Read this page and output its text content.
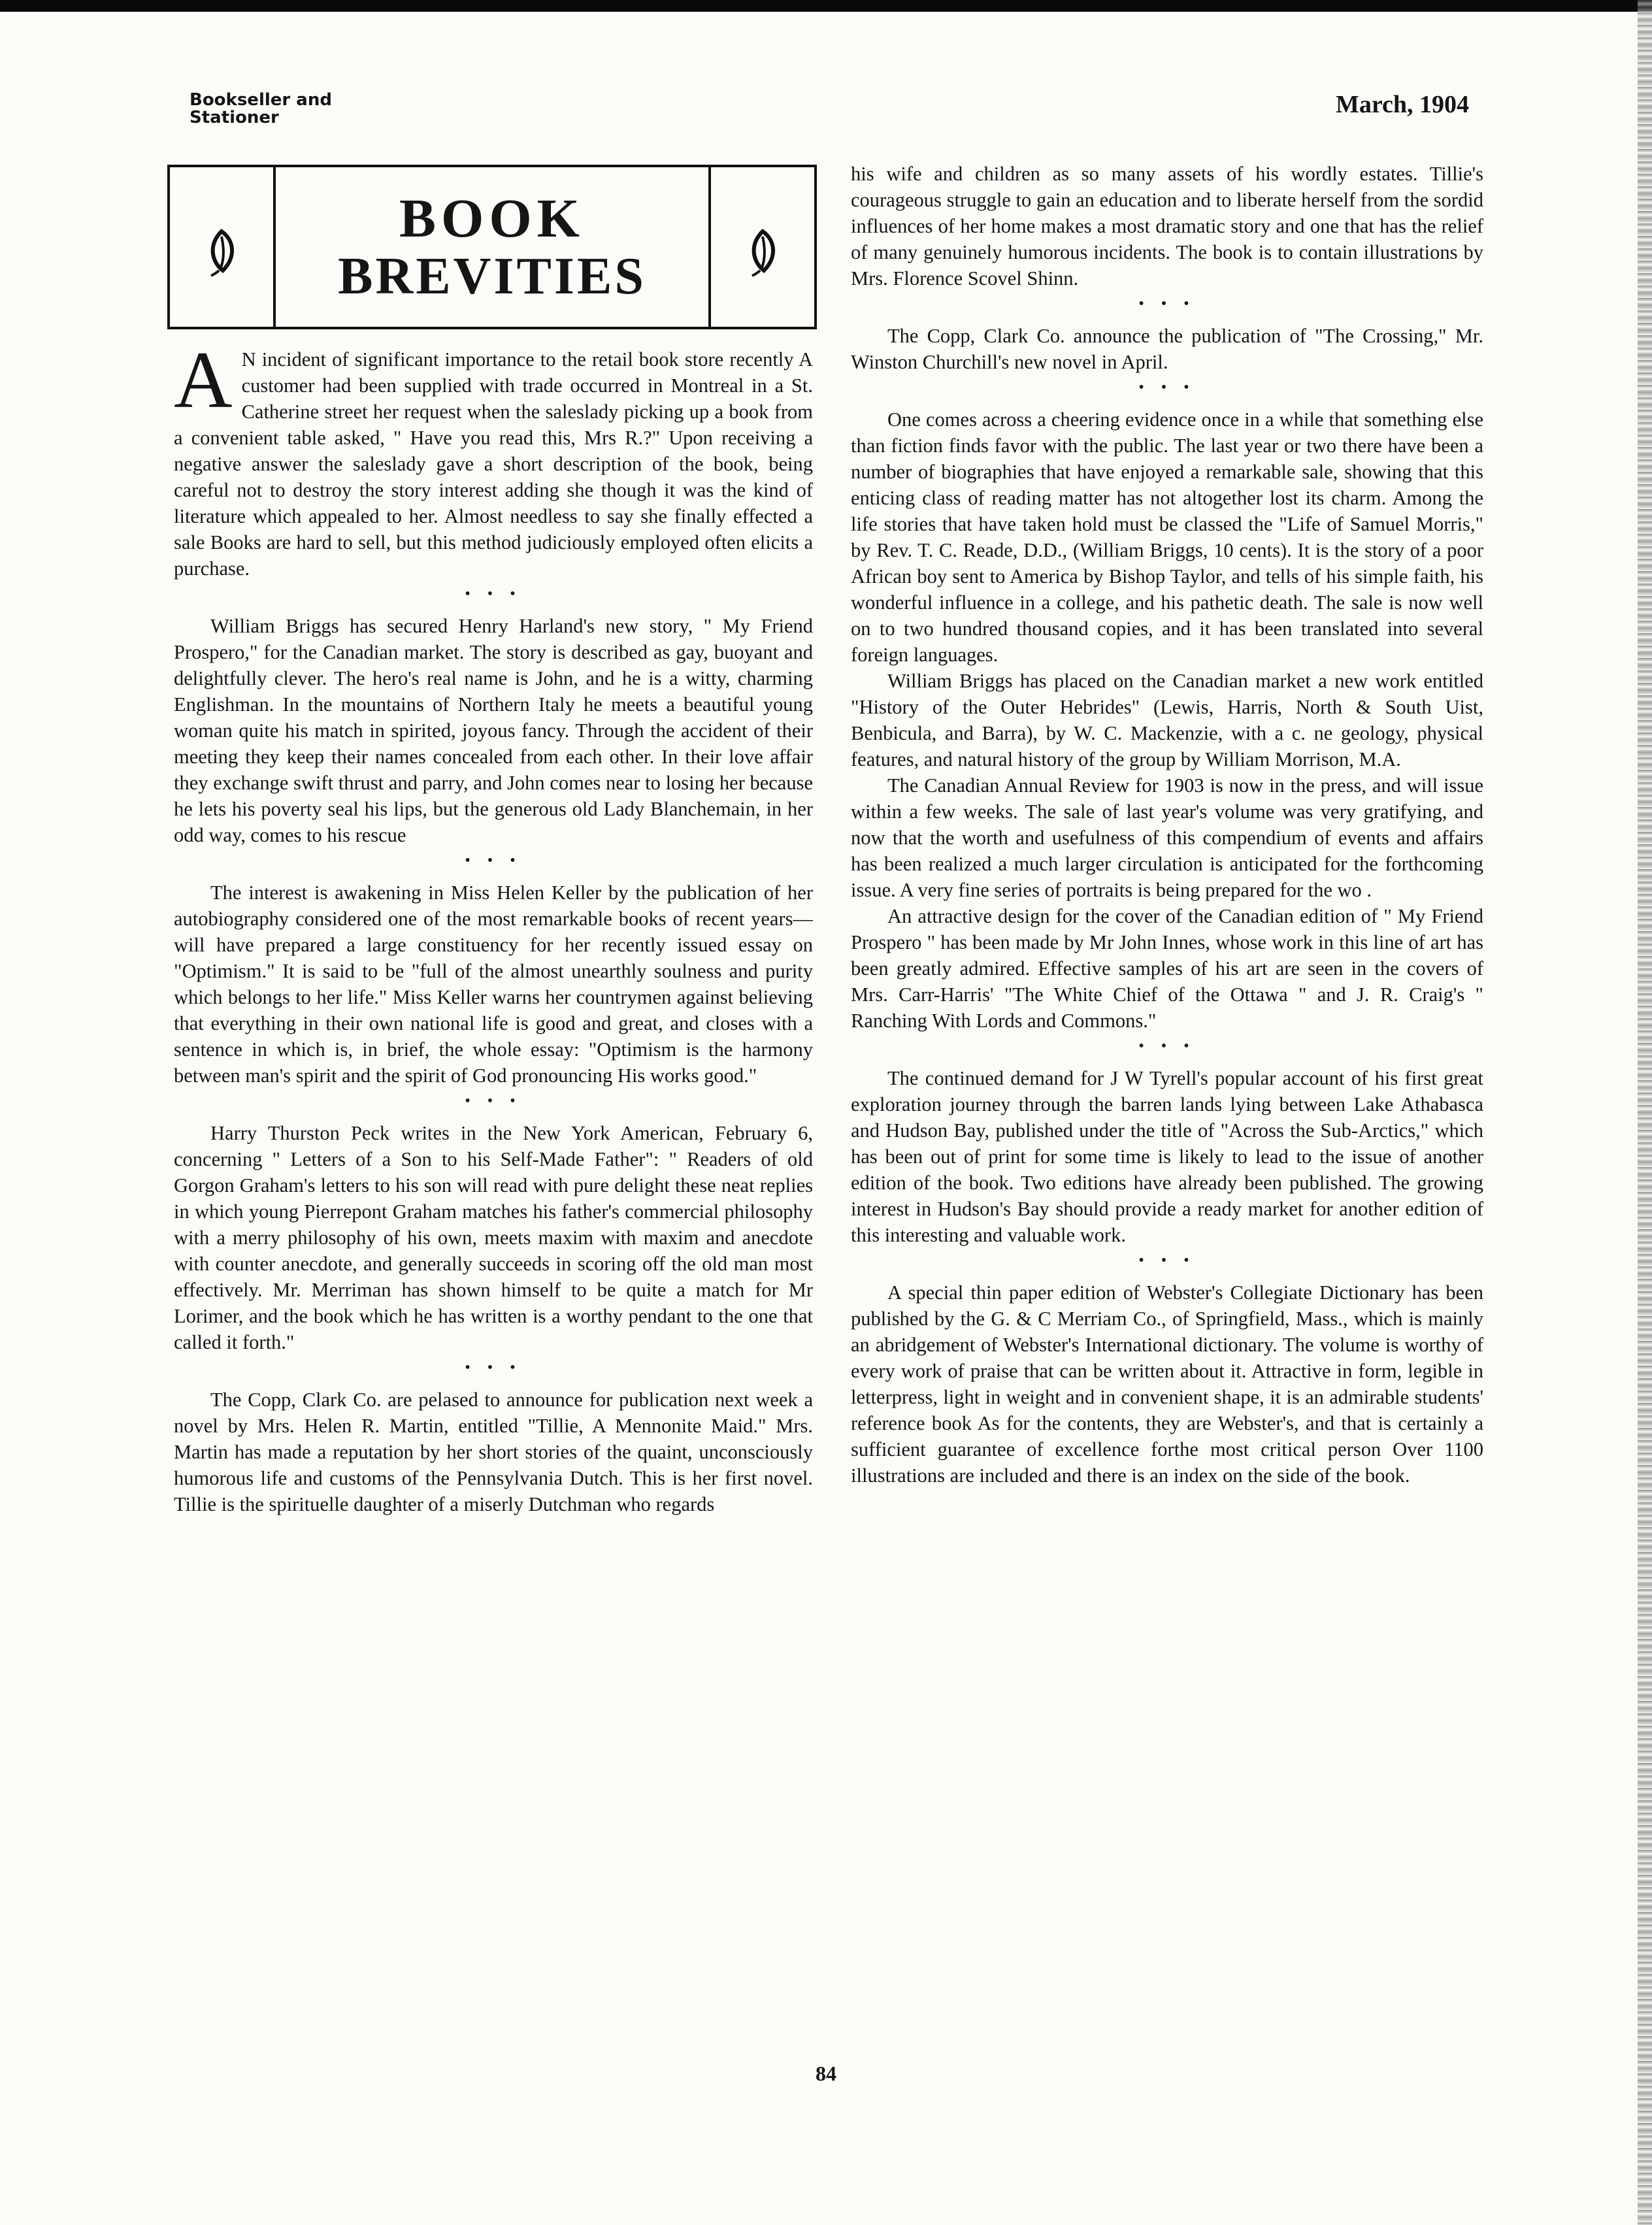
Bookseller and
Stationer	March, 1904
BOOK
BREVITIES

A N incident of significant importance to the retail book store recently A customer had been supplied with trade occurred in Montreal in a St. Catherine street her request when the saleslady picking up a book from a convenient table asked, " Have you read this, Mrs R.?" Upon receiving a negative answer the saleslady gave a short description of the book, being careful not to destroy the story interest adding she though it was the kind of literature which appealed to her. Almost needless to say she finally effected a sale Books are hard to sell, but this method judiciously employed often elicits a purchase.

• • •

William Briggs has secured Henry Harland's new story, " My Friend Prospero," for the Canadian market. The story is described as gay, buoyant and delightfully clever. The hero's real name is John, and he is a witty, charming Englishman. In the mountains of Northern Italy he meets a beautiful young woman quite his match in spirited, joyous fancy. Through the accident of their meeting they keep their names concealed from each other. In their love affair they exchange swift thrust and parry, and John comes near to losing her because he lets his poverty seal his lips, but the generous old Lady Blanchemain, in her odd way, comes to his rescue

• • •

The interest is awakening in Miss Helen Keller by the publication of her autobiography considered one of the most remarkable books of recent years—will have prepared a large constituency for her recently issued essay on "Optimism." It is said to be "full of the almost unearthly soulness and purity which belongs to her life." Miss Keller warns her countrymen against believing that everything in their own national life is good and great, and closes with a sentence in which is, in brief, the whole essay: "Optimism is the harmony between man's spirit and the spirit of God pronouncing His works good."

• • •

Harry Thurston Peck writes in the New York American, February 6, concerning " Letters of a Son to his Self-Made Father": " Readers of old Gorgon Graham's letters to his son will read with pure delight these neat replies in which young Pierrepont Graham matches his father's commercial philosophy with a merry philosophy of his own, meets maxim with maxim and anecdote with counter anecdote, and generally succeeds in scoring off the old man most effectively. Mr. Merriman has shown himself to be quite a match for Mr Lorimer, and the book which he has written is a worthy pendant to the one that called it forth."

• • •

The Copp, Clark Co. are pelased to announce for publication next week a novel by Mrs. Helen R. Martin, entitled "Tillie, A Mennonite Maid." Mrs. Martin has made a reputation by her short stories of the quaint, unconsciously humorous life and customs of the Pennsylvania Dutch. This is her first novel. Tillie is the spirituelle daughter of a miserly Dutchman who regards

his wife and children as so many assets of his wordly estates. Tillie's courageous struggle to gain an education and to liberate herself from the sordid influences of her home makes a most dramatic story and one that has the relief of many genuinely humorous incidents. The book is to contain illustrations by Mrs. Florence Scovel Shinn.

• • •

The Copp, Clark Co. announce the publication of "The Crossing," Mr. Winston Churchill's new novel in April.

• • •

One comes across a cheering evidence once in a while that something else than fiction finds favor with the public. The last year or two there have been a number of biographies that have enjoyed a remarkable sale, showing that this enticing class of reading matter has not altogether lost its charm. Among the life stories that have taken hold must be classed the "Life of Samuel Morris," by Rev. T. C. Reade, D.D., (William Briggs, 10 cents). It is the story of a poor African boy sent to America by Bishop Taylor, and tells of his simple faith, his wonderful influence in a college, and his pathetic death. The sale is now well on to two hundred thousand copies, and it has been translated into several foreign languages.

William Briggs has placed on the Canadian market a new work entitled "History of the Outer Hebrides" (Lewis, Harris, North & South Uist, Benbicula, and Barra), by W. C. Mackenzie, with a c. ne geology, physical features, and natural history of the group by William Morrison, M.A.

The Canadian Annual Review for 1903 is now in the press, and will issue within a few weeks. The sale of last year's volume was very gratifying, and now that the worth and usefulness of this compendium of events and affairs has been realized a much larger circulation is anticipated for the forthcoming issue. A very fine series of portraits is being prepared for the wo .

An attractive design for the cover of the Canadian edition of " My Friend Prospero " has been made by Mr John Innes, whose work in this line of art has been greatly admired. Effective samples of his art are seen in the covers of Mrs. Carr-Harris' "The White Chief of the Ottawa " and J. R. Craig's " Ranching With Lords and Commons."

• • •

The continued demand for J W Tyrell's popular account of his first great exploration journey through the barren lands lying between Lake Athabasca and Hudson Bay, published under the title of "Across the Sub-Arctics," which has been out of print for some time is likely to lead to the issue of another edition of the book. Two editions have already been published. The growing interest in Hudson's Bay should provide a ready market for another edition of this interesting and valuable work.

• • •

A special thin paper edition of Webster's Collegiate Dictionary has been published by the G. & C Merriam Co., of Springfield, Mass., which is mainly an abridgement of Webster's International dictionary. The volume is worthy of every work of praise that can be written about it. Attractive in form, legible in letterpress, light in weight and in convenient shape, it is an admirable students' reference book As for the contents, they are Webster's, and that is certainly a sufficient guarantee of excellence forthe most critical person Over 1100 illustrations are included and there is an index on the side of the book.

84
